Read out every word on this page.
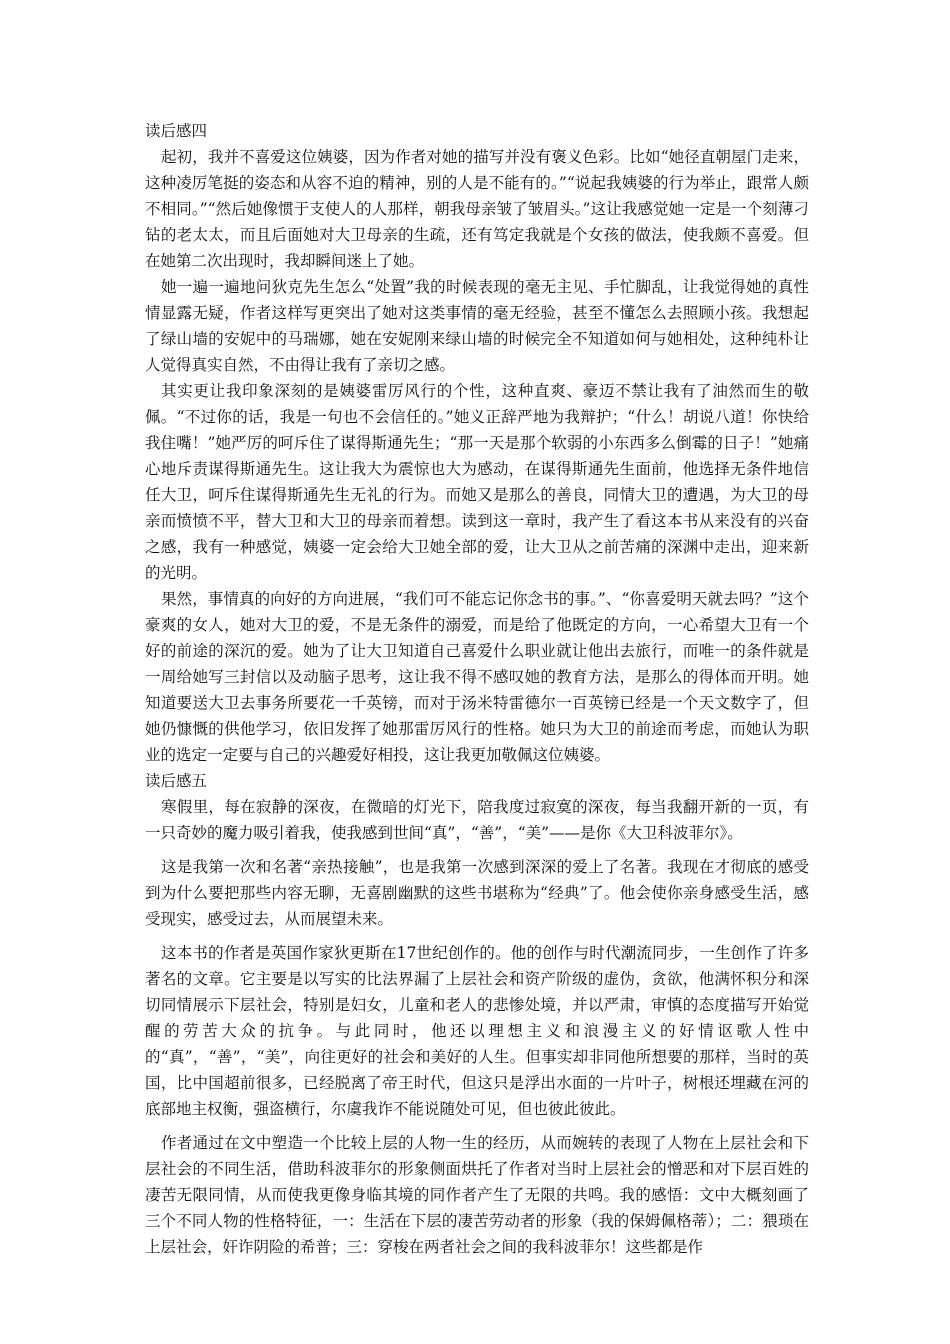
读后感四

起初，我并不喜爱这位姨婆，因为作者对她的描写并没有褒义色彩。比如“她径直朝屋门走来，这种凌厉笔挺的姿态和从容不迫的精神，别的人是不能有的。”“说起我姨婆的行为举止，跟常人颇不相同。”“然后她像惯于支使人的人那样，朝我母亲皱了皱眉头。”这让我感觉她一定是一个刻薄刁钻的老太太，而且后面她对大卫母亲的生疏，还有笃定我就是个女孩的做法，使我颇不喜爱。但在她第二次出现时，我却瞬间迷上了她。

她一遍一遍地问狄克先生怎么“处置”我的时候表现的毫无主见、手忙脚乱，让我觉得她的真性情显露无疑，作者这样写更突出了她对这类事情的毫无经验，甚至不懂怎么去照顾小孩。我想起了绿山墙的安妮中的马瑞娜，她在安妮刚来绿山墙的时候完全不知道如何与她相处，这种纯朴让人觉得真实自然，不由得让我有了亲切之感。

其实更让我印象深刻的是姨婆雷厉风行的个性，这种直爽、豪迈不禁让我有了油然而生的敬佩。“不过你的话，我是一句也不会信任的。”她义正辞严地为我辩护；“什么！胡说八道！你快给我住嘴！”她严厉的呵斥住了谋得斯通先生；“那一天是那个软弱的小东西多么倒霉的日子！”她痛心地斥责谋得斯通先生。这让我大为震惊也大为感动，在谋得斯通先生面前，他选择无条件地信任大卫，呵斥住谋得斯通先生无礼的行为。而她又是那么的善良，同情大卫的遭遇，为大卫的母亲而愤愤不平，替大卫和大卫的母亲而着想。读到这一章时，我产生了看这本书从来没有的兴奋之感，我有一种感觉，姨婆一定会给大卫她全部的爱，让大卫从之前苦痛的深渊中走出，迎来新的光明。

果然，事情真的向好的方向进展，“我们可不能忘记你念书的事。”、“你喜爱明天就去吗？”这个豪爽的女人，她对大卫的爱，不是无条件的溺爱，而是给了他既定的方向，一心希望大卫有一个好的前途的深沉的爱。她为了让大卫知道自己喜爱什么职业就让他出去旅行，而唯一的条件就是一周给她写三封信以及动脑子思考，这让我不得不感叹她的教育方法，是那么的得体而开明。她知道要送大卫去事务所要花一千英镑，而对于汤米特雷德尔一百英镑已经是一个天文数字了，但她仍慷慨的供他学习，依旧发挥了她那雷厉风行的性格。她只为大卫的前途而考虑，而她认为职业的选定一定要与自己的兴趣爱好相投，这让我更加敬佩这位姨婆。

读后感五

寒假里，每在寂静的深夜，在微暗的灯光下，陪我度过寂寞的深夜，每当我翻开新的一页，有一只奇妙的魔力吸引着我，使我感到世间“真”，“善”，“美”——是你《大卫科波菲尔》。

这是我第一次和名著“亲热接触”，也是我第一次感到深深的爱上了名著。我现在才彻底的感受到为什么要把那些内容无聊，无喜剧幽默的这些书堪称为“经典”了。他会使你亲身感受生活，感受现实，感受过去，从而展望未来。

这本书的作者是英国作家狄更斯在17世纪创作的。他的创作与时代潮流同步，一生创作了许多著名的文章。它主要是以写实的比法界漏了上层社会和资产阶级的虚伪，贪欲，他满怀积分和深切同情展示下层社会，特别是妇女，儿童和老人的悲惨处境，并以严肃，审慎的态度描写开始觉醒的劳苦大众的抗争。与此同时，他还以理想主义和浪漫主义的好情讴歌人性中的“真”，“善”，“美”，向往更好的社会和美好的人生。但事实却非同他所想要的那样，当时的英国，比中国超前很多，已经脱离了帝王时代，但这只是浮出水面的一片叶子，树根还埋藏在河的底部地主权衡，强盗横行，尔虞我诈不能说随处可见，但也彼此彼此。

作者通过在文中塑造一个比较上层的人物一生的经历，从而婉转的表现了人物在上层社会和下层社会的不同生活，借助科波菲尔的形象侧面烘托了作者对当时上层社会的憎恶和对下层百姓的凄苦无限同情，从而使我更像身临其境的同作者产生了无限的共鸣。我的感悟：文中大概刻画了三个不同人物的性格特征，一：生活在下层的凄苦劳动者的形象（我的保姆佩格蒂）；二：猥琐在上层社会，奸诈阴险的希普；三：穿梭在两者社会之间的我科波菲尔！这些都是作
